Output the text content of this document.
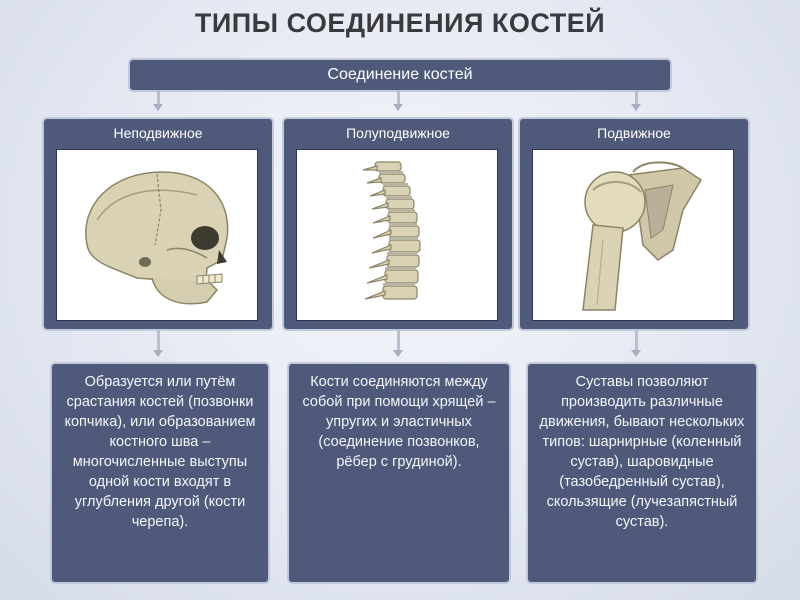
ТИПЫ СОЕДИНЕНИЯ КОСТЕЙ
Соединение костей
Неподвижное	Полуподвижное	Подвижное
Образуется или путём срастания костей (позвонки копчика), или образованием костного шва – многочисленные выступы одной кости входят в углубления другой (кости черепа).
Кости соединяются между собой при помощи хрящей – упругих и эластичных (соединение позвонков, рёбер с грудиной).
Суставы позволяют производить различные движения, бывают нескольких типов: шарнирные (коленный сустав), шаровидные (тазобедренный сустав), скользящие (лучезапястный сустав).
